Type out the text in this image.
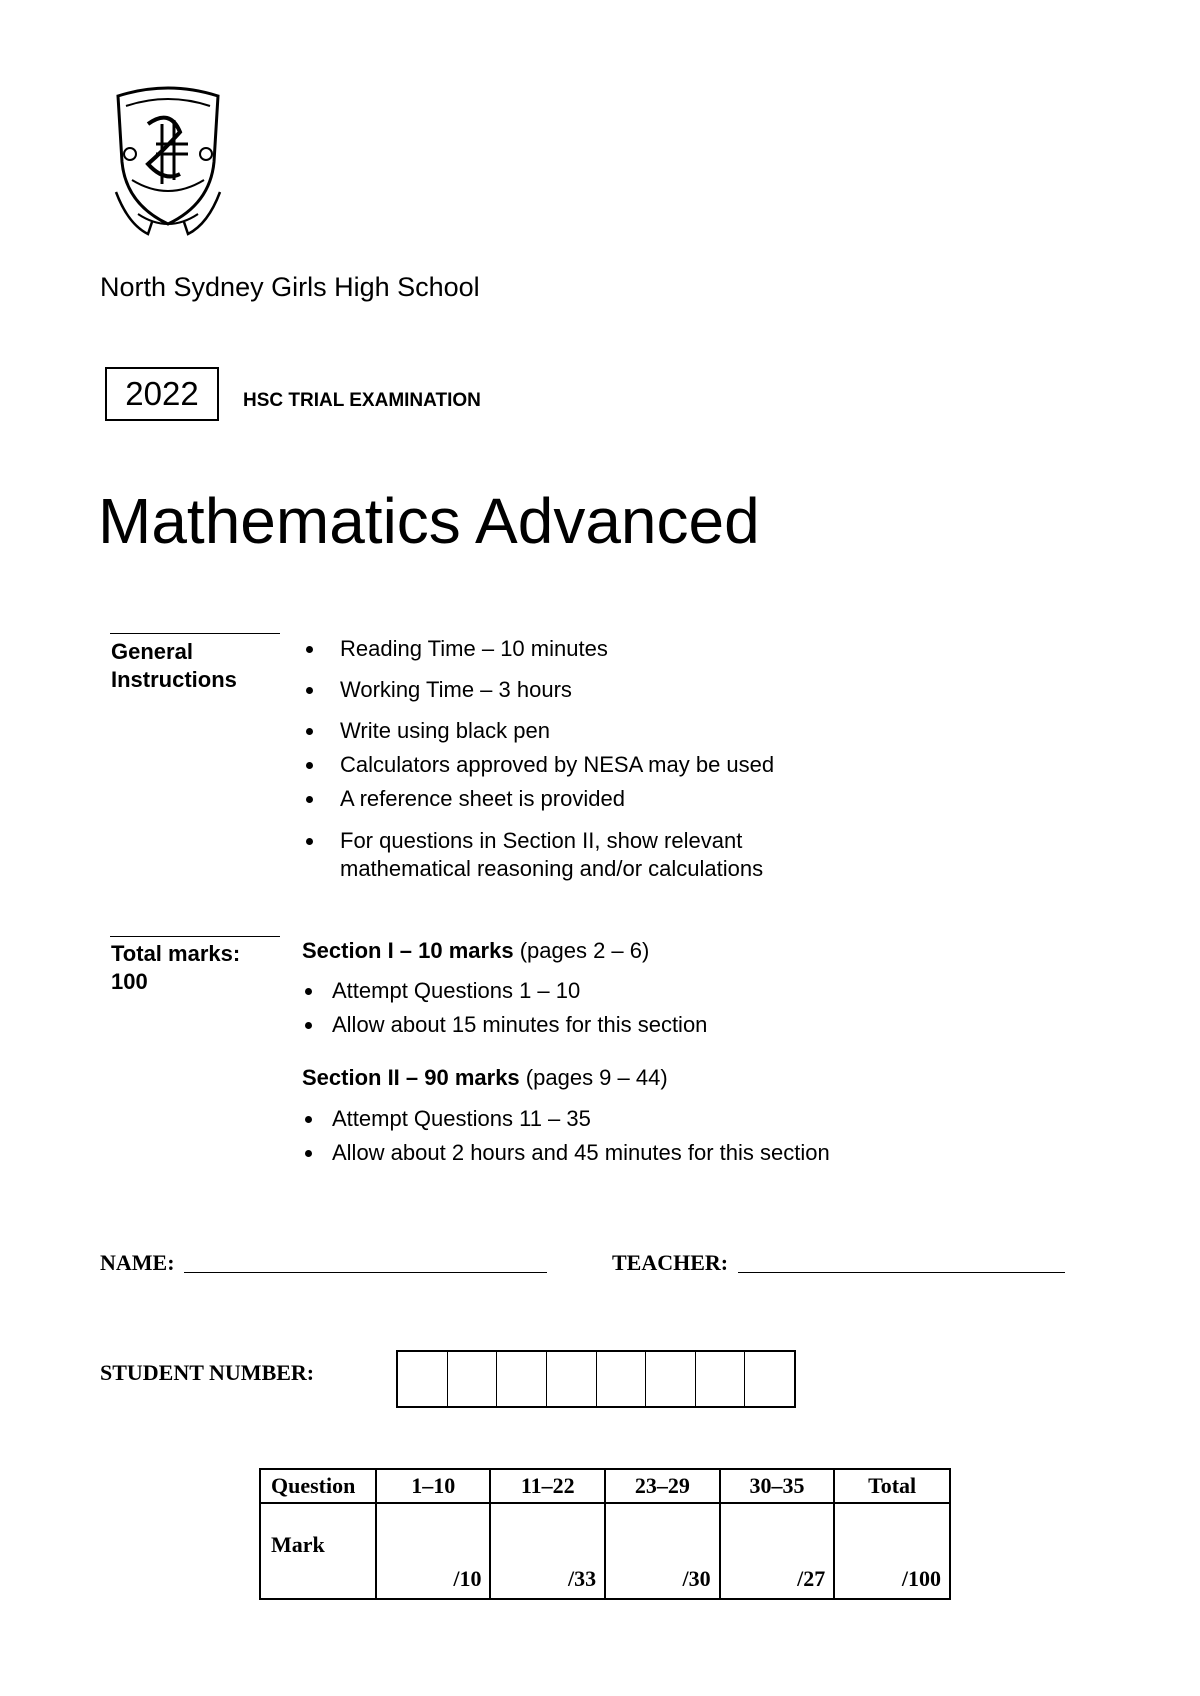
North Sydney Girls High School
2022	HSC TRIAL EXAMINATION
Mathematics Advanced
General Instructions
Reading Time – 10 minutes
Working Time – 3 hours
Write using black pen
Calculators approved by NESA may be used
A reference sheet is provided
For questions in Section II, show relevant mathematical reasoning and/or calculations
Total marks: 100
Section I – 10 marks (pages 2 – 6)
Attempt Questions 1 – 10
Allow about 15 minutes for this section
Section II – 90 marks (pages 9 – 44)
Attempt Questions 11 – 35
Allow about 2 hours and 45 minutes for this section
NAME:	TEACHER:
STUDENT NUMBER:
Question	1–10	11–22	23–29	30–35	Total
Mark	/10	/33	/30	/27	/100
